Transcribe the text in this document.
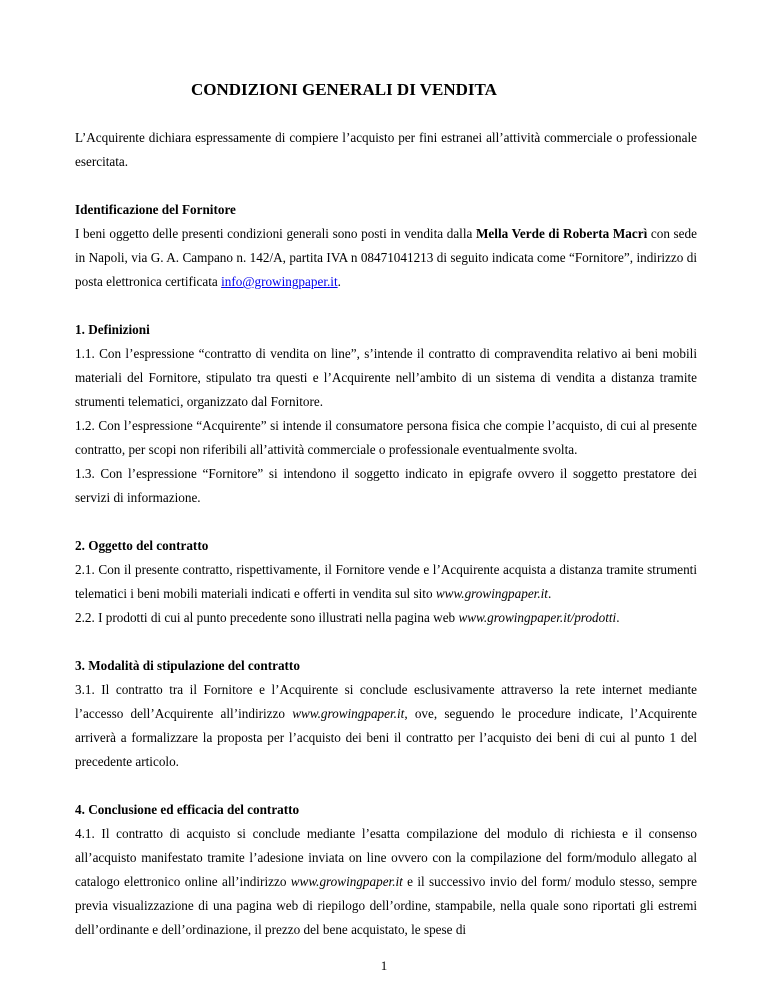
CONDIZIONI GENERALI DI VENDITA

L’Acquirente dichiara espressamente di compiere l’acquisto per fini estranei all’attività commerciale o professionale esercitata.

Identificazione del Fornitore

I beni oggetto delle presenti condizioni generali sono posti in vendita dalla Mella Verde di Roberta Macrì con sede in Napoli, via G. A. Campano n. 142/A, partita IVA n 08471041213 di seguito indicata come “Fornitore”, indirizzo di posta elettronica certificata info@growingpaper.it.

1. Definizioni

1.1. Con l’espressione “contratto di vendita on line”, s’intende il contratto di compravendita relativo ai beni mobili materiali del Fornitore, stipulato tra questi e l’Acquirente nell’ambito di un sistema di vendita a distanza tramite strumenti telematici, organizzato dal Fornitore.

1.2. Con l’espressione “Acquirente” si intende il consumatore persona fisica che compie l’acquisto, di cui al presente contratto, per scopi non riferibili all’attività commerciale o professionale eventualmente svolta.

1.3. Con l’espressione “Fornitore” si intendono il soggetto indicato in epigrafe ovvero il soggetto prestatore dei servizi di informazione.

2. Oggetto del contratto

2.1. Con il presente contratto, rispettivamente, il Fornitore vende e l’Acquirente acquista a distanza tramite strumenti telematici i beni mobili materiali indicati e offerti in vendita sul sito www.growingpaper.it.

2.2. I prodotti di cui al punto precedente sono illustrati nella pagina web www.growingpaper.it/prodotti.

3. Modalità di stipulazione del contratto

3.1. Il contratto tra il Fornitore e l’Acquirente si conclude esclusivamente attraverso la rete internet mediante l’accesso dell’Acquirente all’indirizzo www.growingpaper.it, ove, seguendo le procedure indicate, l’Acquirente arriverà a formalizzare la proposta per l’acquisto dei beni il contratto per l’acquisto dei beni di cui al punto 1 del precedente articolo.

4. Conclusione ed efficacia del contratto

4.1. Il contratto di acquisto si conclude mediante l’esatta compilazione del modulo di richiesta e il consenso all’acquisto manifestato tramite l’adesione inviata on line ovvero con la compilazione del form/modulo allegato al catalogo elettronico online all’indirizzo www.growingpaper.it e il successivo invio del form/ modulo stesso, sempre previa visualizzazione di una pagina web di riepilogo dell’ordine, stampabile, nella quale sono riportati gli estremi dell’ordinante e dell’ordinazione, il prezzo del bene acquistato, le spese di

1
